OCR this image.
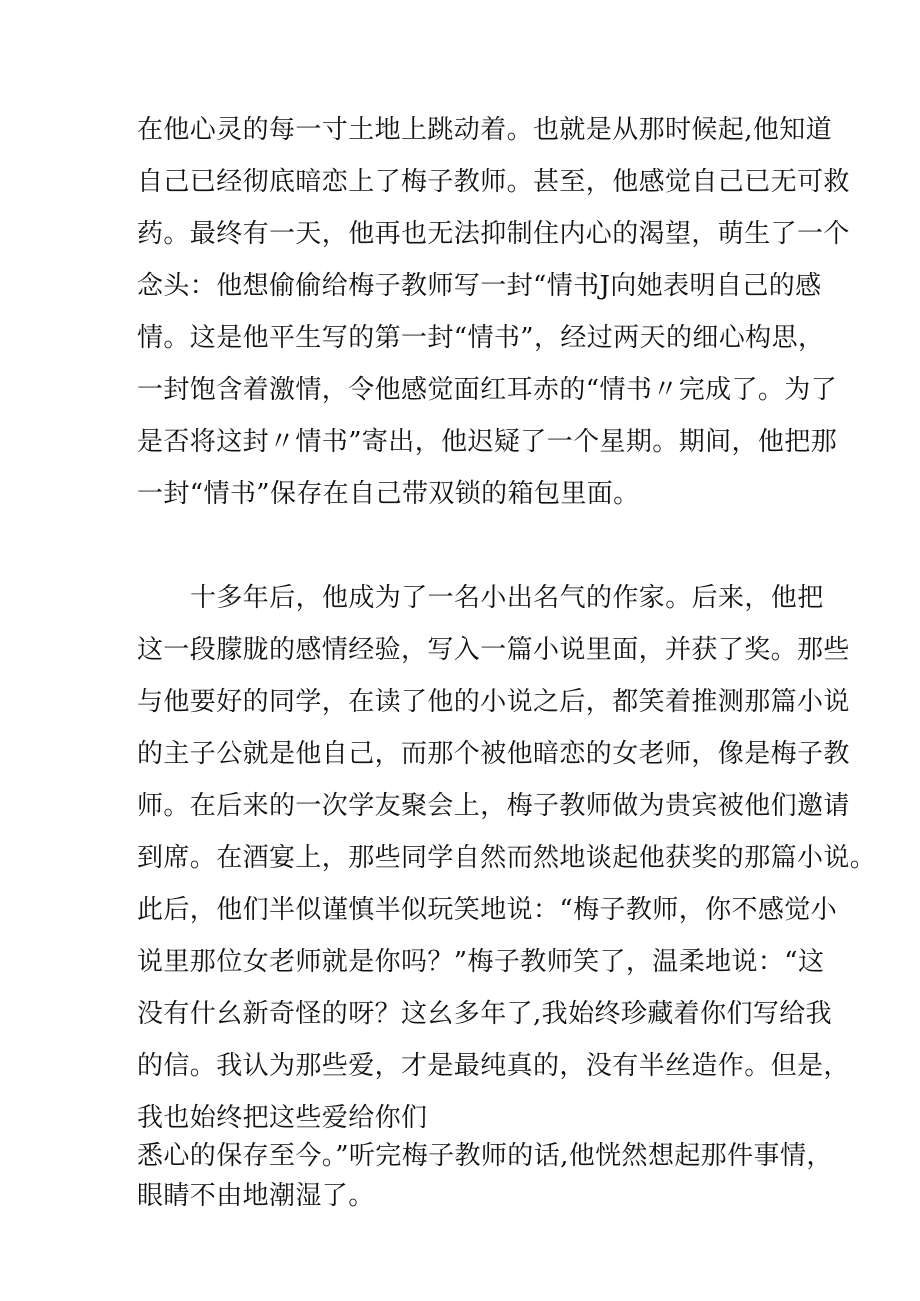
在他心灵的每一寸土地上跳动着。也就是从那时候起,他知道
自己已经彻底暗恋上了梅子教师。甚至，他感觉自己已无可救
药。最终有一天，他再也无法抑制住内心的渴望，萌生了一个
念头：他想偷偷给梅子教师写一封“情书J向她表明自己的感
情。这是他平生写的第一封“情书”，经过两天的细心构思，
一封饱含着激情，令他感觉面红耳赤的“情书〃完成了。为了
是否将这封〃情书”寄出，他迟疑了一个星期。期间，他把那
一封“情书”保存在自己带双锁的箱包里面。
十多年后，他成为了一名小出名气的作家。后来，他把
这一段朦胧的感情经验，写入一篇小说里面，并获了奖。那些
与他要好的同学，在读了他的小说之后，都笑着推测那篇小说
的主子公就是他自己，而那个被他暗恋的女老师，像是梅子教
师。在后来的一次学友聚会上，梅子教师做为贵宾被他们邀请
到席。在酒宴上，那些同学自然而然地谈起他获奖的那篇小说。
此后，他们半似谨慎半似玩笑地说：“梅子教师，你不感觉小
说里那位女老师就是你吗？”梅子教师笑了，温柔地说：“这
没有什幺新奇怪的呀？这幺多年了,我始终珍藏着你们写给我
的信。我认为那些爱，才是最纯真的，没有半丝造作。但是，
我也始终把这些爱给你们
悉心的保存至今。”听完梅子教师的话,他恍然想起那件事情，
眼睛不由地潮湿了。
